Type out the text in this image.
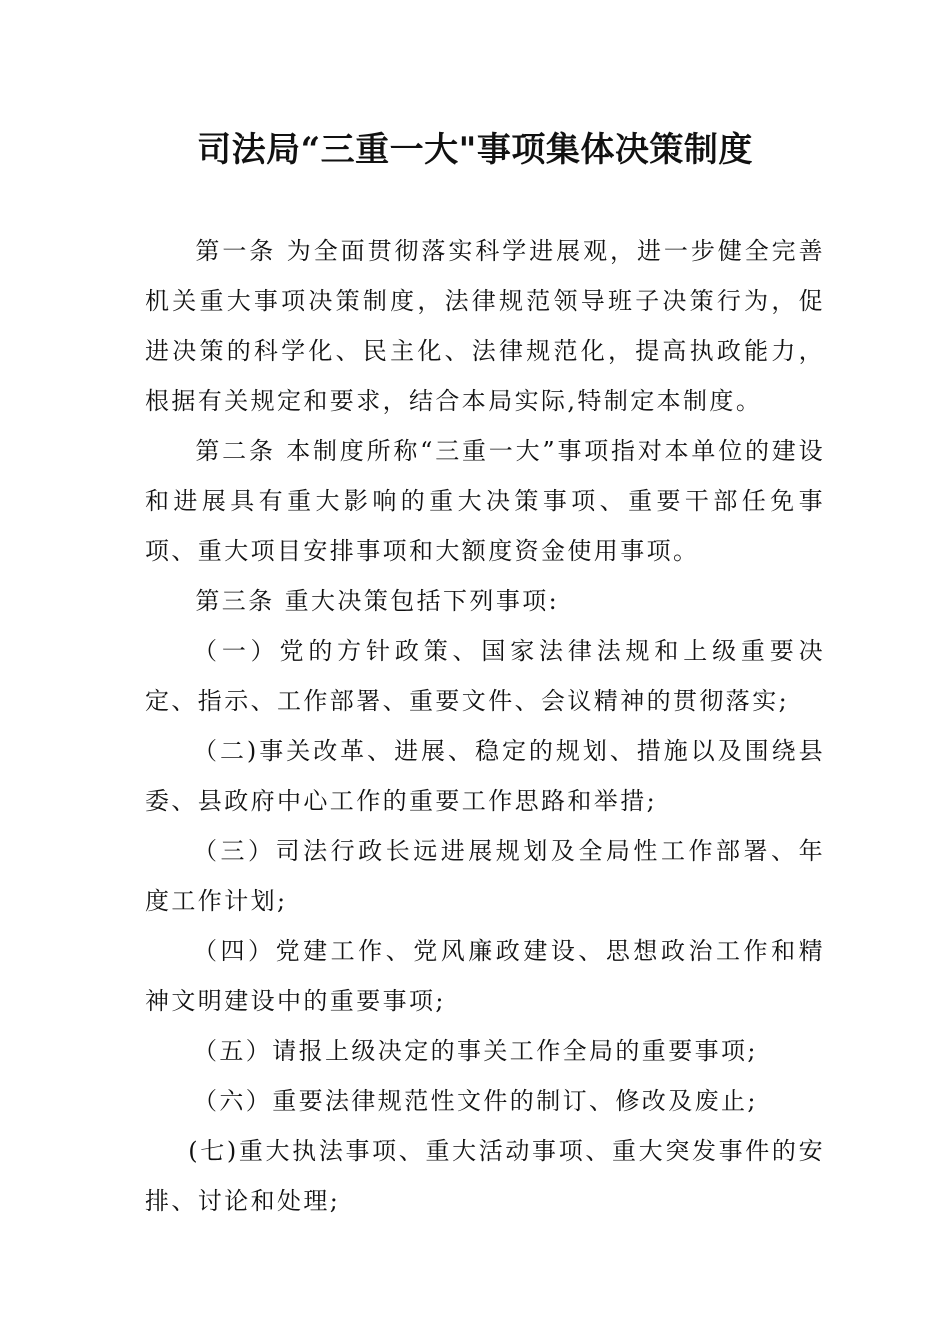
司法局“三重一大"事项集体决策制度

第一条 为全面贯彻落实科学进展观，进一步健全完善机关重大事项决策制度，法律规范领导班子决策行为，促进决策的科学化、民主化、法律规范化，提高执政能力，根据有关规定和要求，结合本局实际,特制定本制度。

第二条 本制度所称“三重一大”事项指对本单位的建设和进展具有重大影响的重大决策事项、重要干部任免事项、重大项目安排事项和大额度资金使用事项。

第三条 重大决策包括下列事项:

（一）党的方针政策、国家法律法规和上级重要决定、指示、工作部署、重要文件、会议精神的贯彻落实;

（二)事关改革、进展、稳定的规划、措施以及围绕县委、县政府中心工作的重要工作思路和举措;

（三）司法行政长远进展规划及全局性工作部署、年度工作计划;

（四）党建工作、党风廉政建设、思想政治工作和精神文明建设中的重要事项;

（五）请报上级决定的事关工作全局的重要事项;

（六）重要法律规范性文件的制订、修改及废止;

(七)重大执法事项、重大活动事项、重大突发事件的安排、讨论和处理;
